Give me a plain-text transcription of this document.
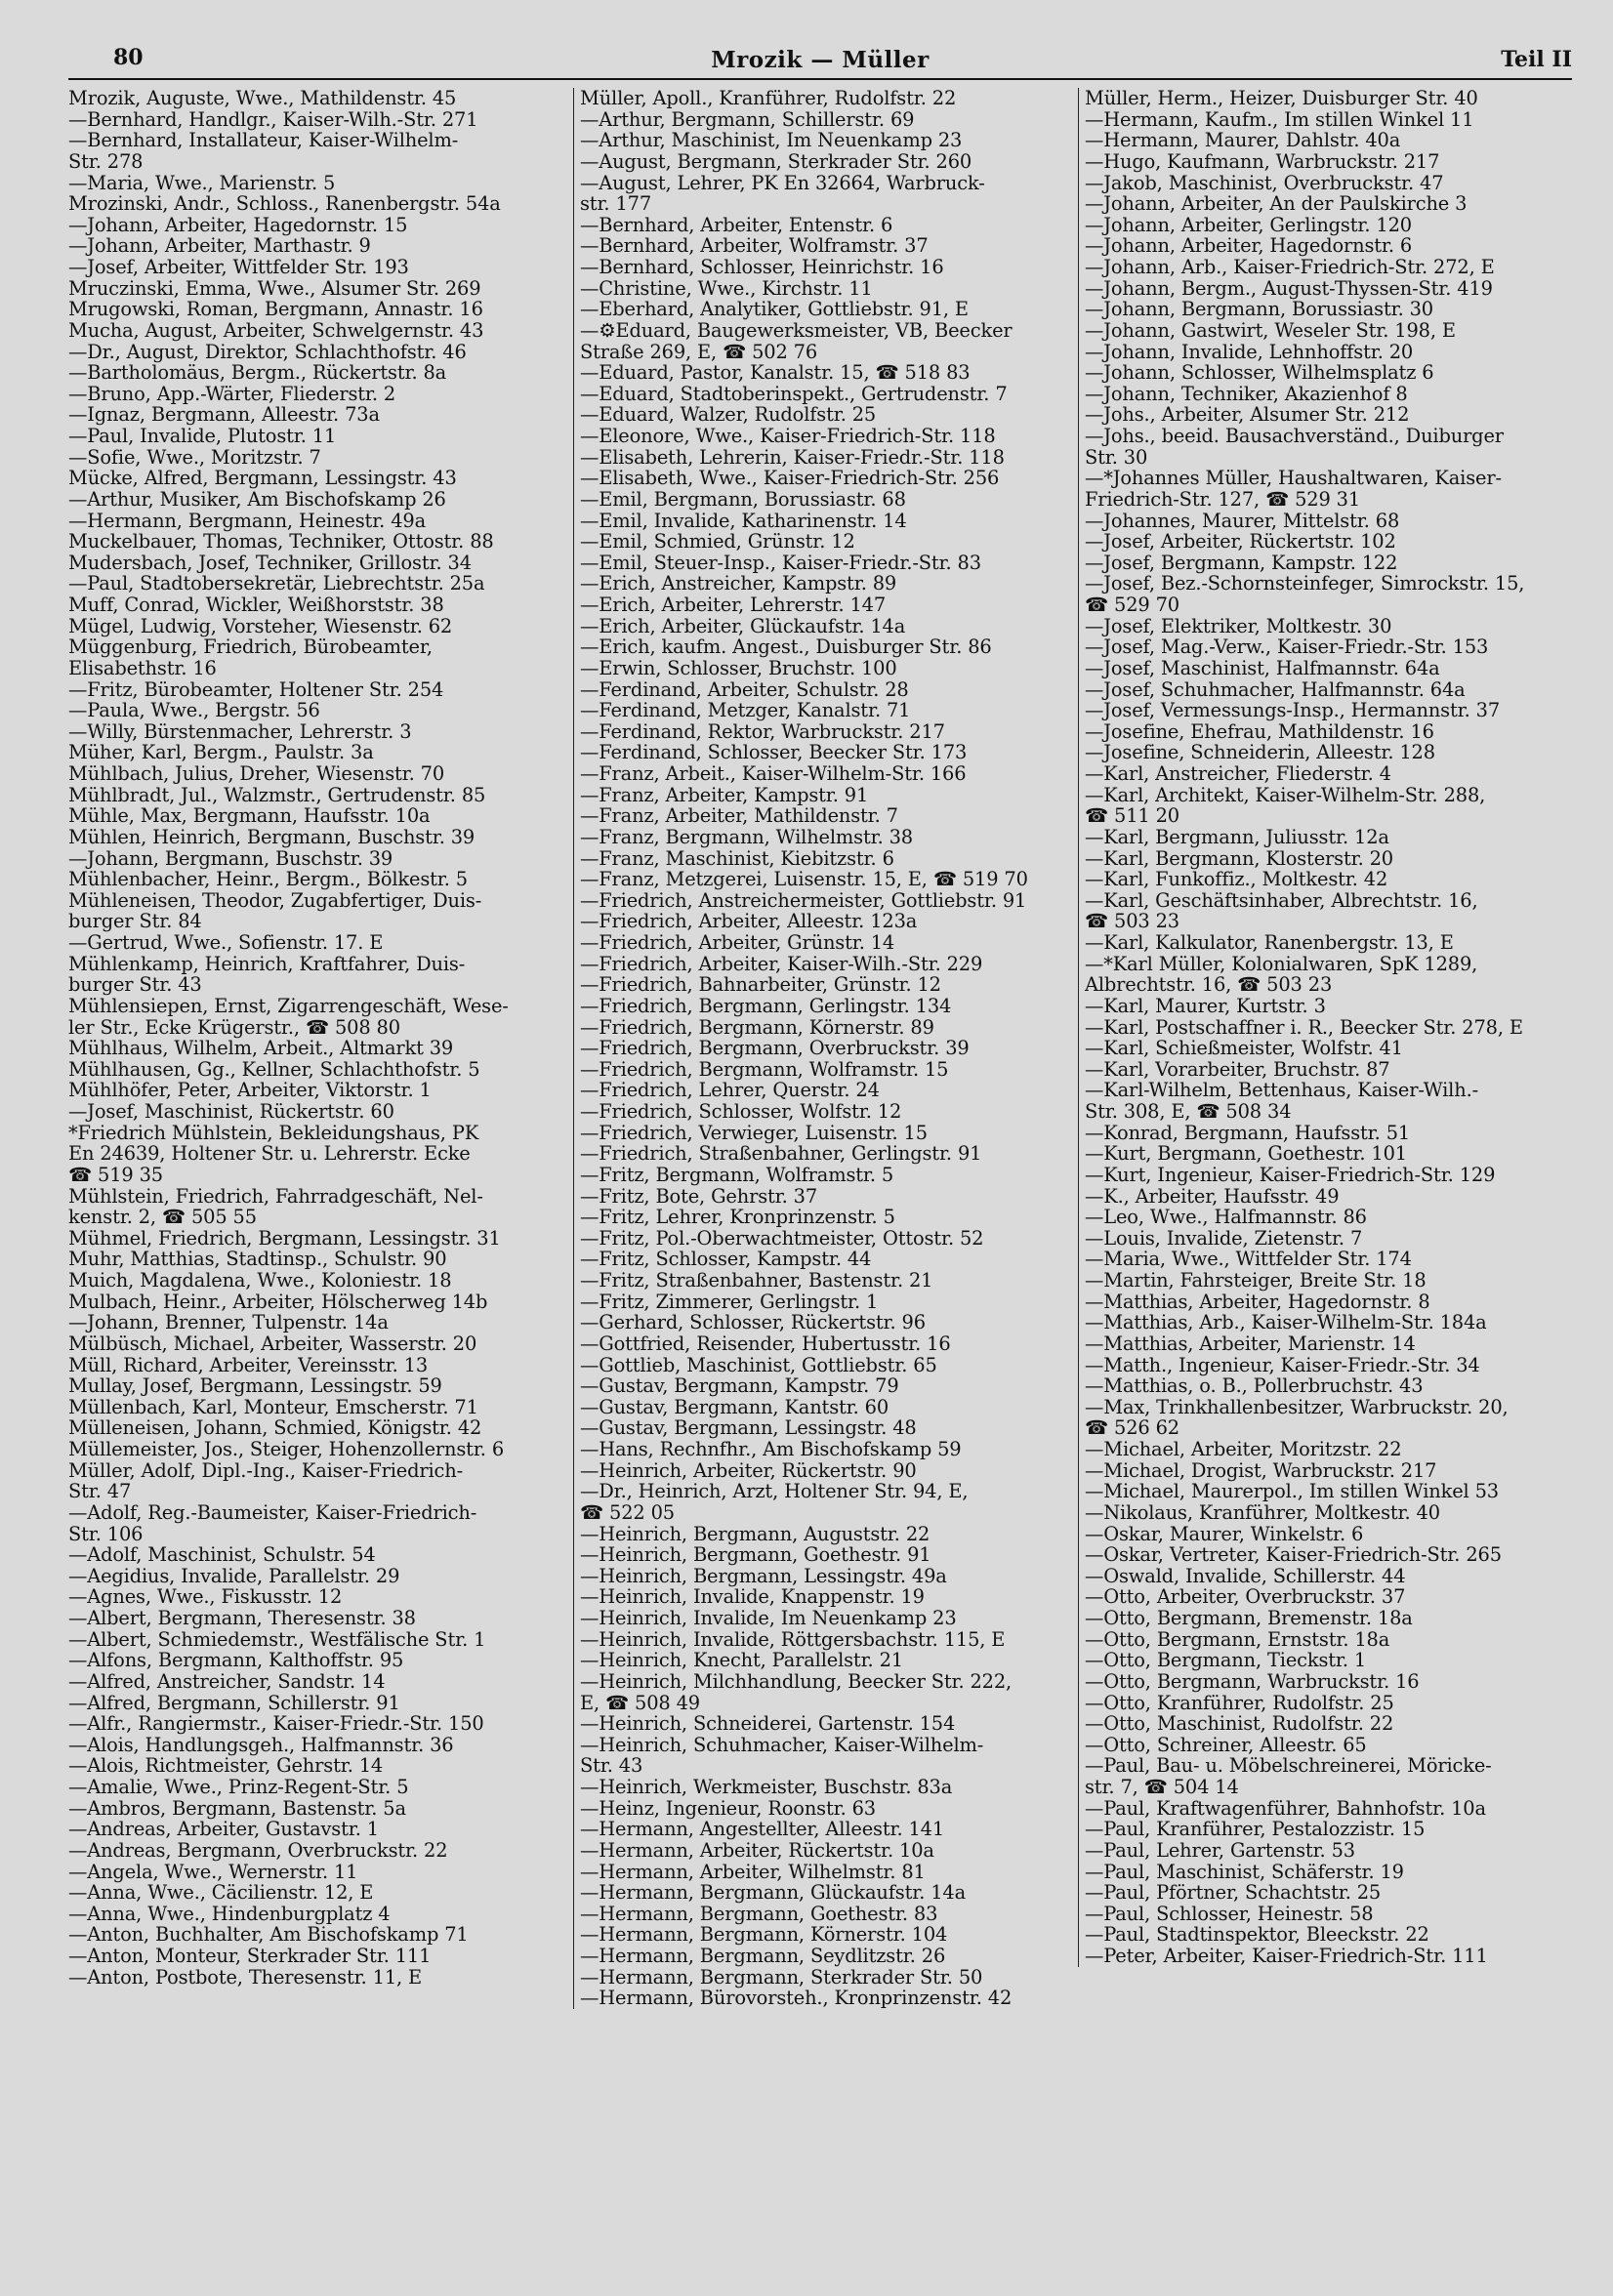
80	Mrozik — Müller	Teil II
Mrozik, Auguste, Wwe., Mathildenstr. 45
—Bernhard, Handlgr., Kaiser-Wilh.-Str. 271
—Bernhard, Installateur, Kaiser-Wilhelm-
Str. 278
—Maria, Wwe., Marienstr. 5
Mrozinski, Andr., Schloss., Ranenbergstr. 54a
—Johann, Arbeiter, Hagedornstr. 15
—Johann, Arbeiter, Marthastr. 9
—Josef, Arbeiter, Wittfelder Str. 193
Mruczinski, Emma, Wwe., Alsumer Str. 269
Mrugowski, Roman, Bergmann, Annastr. 16
Mucha, August, Arbeiter, Schwelgernstr. 43
—Dr., August, Direktor, Schlachthofstr. 46
—Bartholomäus, Bergm., Rückertstr. 8a
—Bruno, App.-Wärter, Fliederstr. 2
—Ignaz, Bergmann, Alleestr. 73a
—Paul, Invalide, Plutostr. 11
—Sofie, Wwe., Moritzstr. 7
Mücke, Alfred, Bergmann, Lessingstr. 43
—Arthur, Musiker, Am Bischofskamp 26
—Hermann, Bergmann, Heinestr. 49a
Muckelbauer, Thomas, Techniker, Ottostr. 88
Mudersbach, Josef, Techniker, Grillostr. 34
—Paul, Stadtobersekretär, Liebrechtstr. 25a
Muff, Conrad, Wickler, Weißhorststr. 38
Mügel, Ludwig, Vorsteher, Wiesenstr. 62
Müggenburg, Friedrich, Bürobeamter,
Elisabethstr. 16
—Fritz, Bürobeamter, Holtener Str. 254
—Paula, Wwe., Bergstr. 56
—Willy, Bürstenmacher, Lehrerstr. 3
Müher, Karl, Bergm., Paulstr. 3a
Mühlbach, Julius, Dreher, Wiesenstr. 70
Mühlbradt, Jul., Walzmstr., Gertrudenstr. 85
Mühle, Max, Bergmann, Haufsstr. 10a
Mühlen, Heinrich, Bergmann, Buschstr. 39
—Johann, Bergmann, Buschstr. 39
Mühlenbacher, Heinr., Bergm., Bölkestr. 5
Mühleneisen, Theodor, Zugabfertiger, Duis-
burger Str. 84
—Gertrud, Wwe., Sofienstr. 17. E
Mühlenkamp, Heinrich, Kraftfahrer, Duis-
burger Str. 43
Mühlensiepen, Ernst, Zigarrengeschäft, Wese-
ler Str., Ecke Krügerstr., ☎ 508 80
Mühlhaus, Wilhelm, Arbeit., Altmarkt 39
Mühlhausen, Gg., Kellner, Schlachthofstr. 5
Mühlhöfer, Peter, Arbeiter, Viktorstr. 1
—Josef, Maschinist, Rückertstr. 60
*Friedrich Mühlstein, Bekleidungshaus, PK
En 24639, Holtener Str. u. Lehrerstr. Ecke
☎ 519 35
Mühlstein, Friedrich, Fahrradgeschäft, Nel-
kenstr. 2, ☎ 505 55
Mühmel, Friedrich, Bergmann, Lessingstr. 31
Muhr, Matthias, Stadtinsp., Schulstr. 90
Muich, Magdalena, Wwe., Koloniestr. 18
Mulbach, Heinr., Arbeiter, Hölscherweg 14b
—Johann, Brenner, Tulpenstr. 14a
Mülbüsch, Michael, Arbeiter, Wasserstr. 20
Müll, Richard, Arbeiter, Vereinsstr. 13
Mullay, Josef, Bergmann, Lessingstr. 59
Müllenbach, Karl, Monteur, Emscherstr. 71
Mülleneisen, Johann, Schmied, Königstr. 42
Müllemeister, Jos., Steiger, Hohenzollernstr. 6
Müller, Adolf, Dipl.-Ing., Kaiser-Friedrich-
Str. 47
—Adolf, Reg.-Baumeister, Kaiser-Friedrich-
Str. 106
—Adolf, Maschinist, Schulstr. 54
—Aegidius, Invalide, Parallelstr. 29
—Agnes, Wwe., Fiskusstr. 12
—Albert, Bergmann, Theresenstr. 38
—Albert, Schmiedemstr., Westfälische Str. 1
—Alfons, Bergmann, Kalthoffstr. 95
—Alfred, Anstreicher, Sandstr. 14
—Alfred, Bergmann, Schillerstr. 91
—Alfr., Rangiermstr., Kaiser-Friedr.-Str. 150
—Alois, Handlungsgeh., Halfmannstr. 36
—Alois, Richtmeister, Gehrstr. 14
—Amalie, Wwe., Prinz-Regent-Str. 5
—Ambros, Bergmann, Bastenstr. 5a
—Andreas, Arbeiter, Gustavstr. 1
—Andreas, Bergmann, Overbruckstr. 22
—Angela, Wwe., Wernerstr. 11
—Anna, Wwe., Cäcilienstr. 12, E
—Anna, Wwe., Hindenburgplatz 4
—Anton, Buchhalter, Am Bischofskamp 71
—Anton, Monteur, Sterkrader Str. 111
—Anton, Postbote, Theresenstr. 11, E
Müller, Apoll., Kranführer, Rudolfstr. 22
—Arthur, Bergmann, Schillerstr. 69
—Arthur, Maschinist, Im Neuenkamp 23
—August, Bergmann, Sterkrader Str. 260
—August, Lehrer, PK En 32664, Warbruck-
str. 177
—Bernhard, Arbeiter, Entenstr. 6
—Bernhard, Arbeiter, Wolframstr. 37
—Bernhard, Schlosser, Heinrichstr. 16
—Christine, Wwe., Kirchstr. 11
—Eberhard, Analytiker, Gottliebstr. 91, E
—⚙Eduard, Baugewerksmeister, VB, Beecker
Straße 269, E, ☎ 502 76
—Eduard, Pastor, Kanalstr. 15, ☎ 518 83
—Eduard, Stadtoberinspekt., Gertrudenstr. 7
—Eduard, Walzer, Rudolfstr. 25
—Eleonore, Wwe., Kaiser-Friedrich-Str. 118
—Elisabeth, Lehrerin, Kaiser-Friedr.-Str. 118
—Elisabeth, Wwe., Kaiser-Friedrich-Str. 256
—Emil, Bergmann, Borussiastr. 68
—Emil, Invalide, Katharinenstr. 14
—Emil, Schmied, Grünstr. 12
—Emil, Steuer-Insp., Kaiser-Friedr.-Str. 83
—Erich, Anstreicher, Kampstr. 89
—Erich, Arbeiter, Lehrerstr. 147
—Erich, Arbeiter, Glückaufstr. 14a
—Erich, kaufm. Angest., Duisburger Str. 86
—Erwin, Schlosser, Bruchstr. 100
—Ferdinand, Arbeiter, Schulstr. 28
—Ferdinand, Metzger, Kanalstr. 71
—Ferdinand, Rektor, Warbruckstr. 217
—Ferdinand, Schlosser, Beecker Str. 173
—Franz, Arbeit., Kaiser-Wilhelm-Str. 166
—Franz, Arbeiter, Kampstr. 91
—Franz, Arbeiter, Mathildenstr. 7
—Franz, Bergmann, Wilhelmstr. 38
—Franz, Maschinist, Kiebitzstr. 6
—Franz, Metzgerei, Luisenstr. 15, E, ☎ 519 70
—Friedrich, Anstreichermeister, Gottliebstr. 91
—Friedrich, Arbeiter, Alleestr. 123a
—Friedrich, Arbeiter, Grünstr. 14
—Friedrich, Arbeiter, Kaiser-Wilh.-Str. 229
—Friedrich, Bahnarbeiter, Grünstr. 12
—Friedrich, Bergmann, Gerlingstr. 134
—Friedrich, Bergmann, Körnerstr. 89
—Friedrich, Bergmann, Overbruckstr. 39
—Friedrich, Bergmann, Wolframstr. 15
—Friedrich, Lehrer, Querstr. 24
—Friedrich, Schlosser, Wolfstr. 12
—Friedrich, Verwieger, Luisenstr. 15
—Friedrich, Straßenbahner, Gerlingstr. 91
—Fritz, Bergmann, Wolframstr. 5
—Fritz, Bote, Gehrstr. 37
—Fritz, Lehrer, Kronprinzenstr. 5
—Fritz, Pol.-Oberwachtmeister, Ottostr. 52
—Fritz, Schlosser, Kampstr. 44
—Fritz, Straßenbahner, Bastenstr. 21
—Fritz, Zimmerer, Gerlingstr. 1
—Gerhard, Schlosser, Rückertstr. 96
—Gottfried, Reisender, Hubertusstr. 16
—Gottlieb, Maschinist, Gottliebstr. 65
—Gustav, Bergmann, Kampstr. 79
—Gustav, Bergmann, Kantstr. 60
—Gustav, Bergmann, Lessingstr. 48
—Hans, Rechnfhr., Am Bischofskamp 59
—Heinrich, Arbeiter, Rückertstr. 90
—Dr., Heinrich, Arzt, Holtener Str. 94, E,
☎ 522 05
—Heinrich, Bergmann, Auguststr. 22
—Heinrich, Bergmann, Goethestr. 91
—Heinrich, Bergmann, Lessingstr. 49a
—Heinrich, Invalide, Knappenstr. 19
—Heinrich, Invalide, Im Neuenkamp 23
—Heinrich, Invalide, Röttgersbachstr. 115, E
—Heinrich, Knecht, Parallelstr. 21
—Heinrich, Milchhandlung, Beecker Str. 222,
E, ☎ 508 49
—Heinrich, Schneiderei, Gartenstr. 154
—Heinrich, Schuhmacher, Kaiser-Wilhelm-
Str. 43
—Heinrich, Werkmeister, Buschstr. 83a
—Heinz, Ingenieur, Roonstr. 63
—Hermann, Angestellter, Alleestr. 141
—Hermann, Arbeiter, Rückertstr. 10a
—Hermann, Arbeiter, Wilhelmstr. 81
—Hermann, Bergmann, Glückaufstr. 14a
—Hermann, Bergmann, Goethestr. 83
—Hermann, Bergmann, Körnerstr. 104
—Hermann, Bergmann, Seydlitzstr. 26
—Hermann, Bergmann, Sterkrader Str. 50
—Hermann, Bürovorsteh., Kronprinzenstr. 42
Müller, Herm., Heizer, Duisburger Str. 40
—Hermann, Kaufm., Im stillen Winkel 11
—Hermann, Maurer, Dahlstr. 40a
—Hugo, Kaufmann, Warbruckstr. 217
—Jakob, Maschinist, Overbruckstr. 47
—Johann, Arbeiter, An der Paulskirche 3
—Johann, Arbeiter, Gerlingstr. 120
—Johann, Arbeiter, Hagedornstr. 6
—Johann, Arb., Kaiser-Friedrich-Str. 272, E
—Johann, Bergm., August-Thyssen-Str. 419
—Johann, Bergmann, Borussiastr. 30
—Johann, Gastwirt, Weseler Str. 198, E
—Johann, Invalide, Lehnhoffstr. 20
—Johann, Schlosser, Wilhelmsplatz 6
—Johann, Techniker, Akazienhof 8
—Johs., Arbeiter, Alsumer Str. 212
—Johs., beeid. Bausachverständ., Duiburger
Str. 30
—*Johannes Müller, Haushaltwaren, Kaiser-
Friedrich-Str. 127, ☎ 529 31
—Johannes, Maurer, Mittelstr. 68
—Josef, Arbeiter, Rückertstr. 102
—Josef, Bergmann, Kampstr. 122
—Josef, Bez.-Schornsteinfeger, Simrockstr. 15,
☎ 529 70
—Josef, Elektriker, Moltkestr. 30
—Josef, Mag.-Verw., Kaiser-Friedr.-Str. 153
—Josef, Maschinist, Halfmannstr. 64a
—Josef, Schuhmacher, Halfmannstr. 64a
—Josef, Vermessungs-Insp., Hermannstr. 37
—Josefine, Ehefrau, Mathildenstr. 16
—Josefine, Schneiderin, Alleestr. 128
—Karl, Anstreicher, Fliederstr. 4
—Karl, Architekt, Kaiser-Wilhelm-Str. 288,
☎ 511 20
—Karl, Bergmann, Juliusstr. 12a
—Karl, Bergmann, Klosterstr. 20
—Karl, Funkoffiz., Moltkestr. 42
—Karl, Geschäftsinhaber, Albrechtstr. 16,
☎ 503 23
—Karl, Kalkulator, Ranenbergstr. 13, E
—*Karl Müller, Kolonialwaren, SpK 1289,
Albrechtstr. 16, ☎ 503 23
—Karl, Maurer, Kurtstr. 3
—Karl, Postschaffner i. R., Beecker Str. 278, E
—Karl, Schießmeister, Wolfstr. 41
—Karl, Vorarbeiter, Bruchstr. 87
—Karl-Wilhelm, Bettenhaus, Kaiser-Wilh.-
Str. 308, E, ☎ 508 34
—Konrad, Bergmann, Haufsstr. 51
—Kurt, Bergmann, Goethestr. 101
—Kurt, Ingenieur, Kaiser-Friedrich-Str. 129
—K., Arbeiter, Haufsstr. 49
—Leo, Wwe., Halfmannstr. 86
—Louis, Invalide, Zietenstr. 7
—Maria, Wwe., Wittfelder Str. 174
—Martin, Fahrsteiger, Breite Str. 18
—Matthias, Arbeiter, Hagedornstr. 8
—Matthias, Arb., Kaiser-Wilhelm-Str. 184a
—Matthias, Arbeiter, Marienstr. 14
—Matth., Ingenieur, Kaiser-Friedr.-Str. 34
—Matthias, o. B., Pollerbruchstr. 43
—Max, Trinkhallenbesitzer, Warbruckstr. 20,
☎ 526 62
—Michael, Arbeiter, Moritzstr. 22
—Michael, Drogist, Warbruckstr. 217
—Michael, Maurerpol., Im stillen Winkel 53
—Nikolaus, Kranführer, Moltkestr. 40
—Oskar, Maurer, Winkelstr. 6
—Oskar, Vertreter, Kaiser-Friedrich-Str. 265
—Oswald, Invalide, Schillerstr. 44
—Otto, Arbeiter, Overbruckstr. 37
—Otto, Bergmann, Bremenstr. 18a
—Otto, Bergmann, Ernststr. 18a
—Otto, Bergmann, Tieckstr. 1
—Otto, Bergmann, Warbruckstr. 16
—Otto, Kranführer, Rudolfstr. 25
—Otto, Maschinist, Rudolfstr. 22
—Otto, Schreiner, Alleestr. 65
—Paul, Bau- u. Möbelschreinerei, Möricke-
str. 7, ☎ 504 14
—Paul, Kraftwagenführer, Bahnhofstr. 10a
—Paul, Kranführer, Pestalozzistr. 15
—Paul, Lehrer, Gartenstr. 53
—Paul, Maschinist, Schäferstr. 19
—Paul, Pförtner, Schachtstr. 25
—Paul, Schlosser, Heinestr. 58
—Paul, Stadtinspektor, Bleeckstr. 22
—Peter, Arbeiter, Kaiser-Friedrich-Str. 111
